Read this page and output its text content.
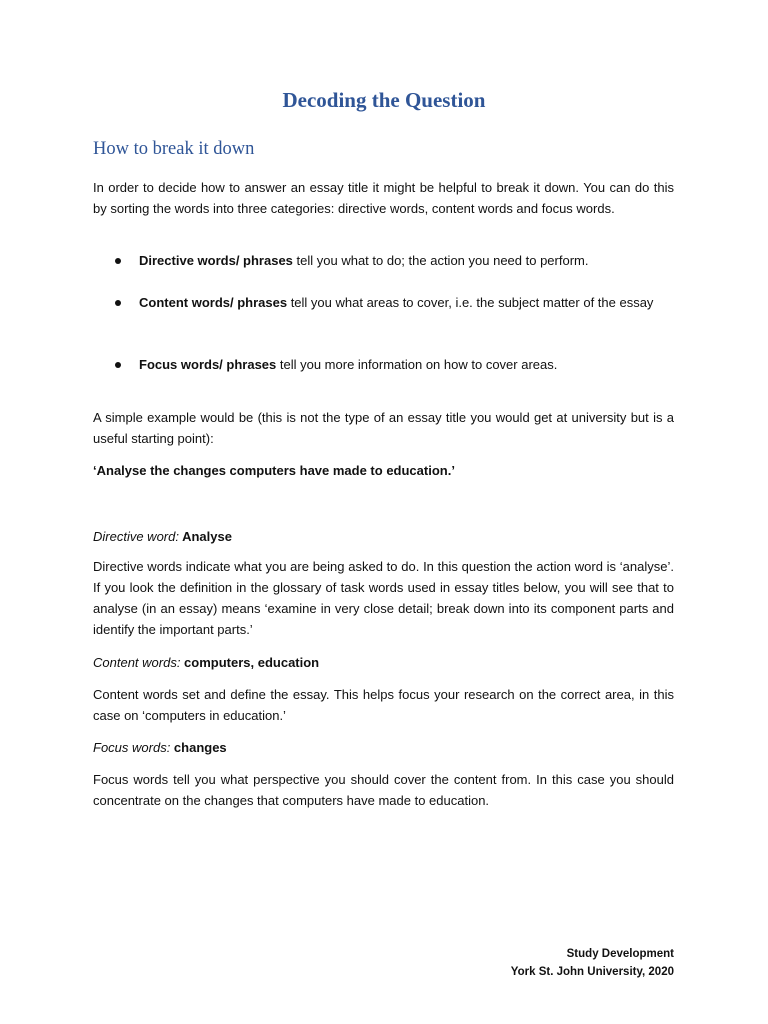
Decoding the Question
How to break it down

In order to decide how to answer an essay title it might be helpful to break it down. You can do this by sorting the words into three categories: directive words, content words and focus words.

Directive words/ phrases tell you what to do; the action you need to perform.
Content words/ phrases tell you what areas to cover, i.e. the subject matter of the essay
Focus words/ phrases tell you more information on how to cover areas.

A simple example would be (this is not the type of an essay title you would get at university but is a useful starting point):

‘Analyse the changes computers have made to education.’

Directive word: Analyse

Directive words indicate what you are being asked to do. In this question the action word is ‘analyse’. If you look the definition in the glossary of task words used in essay titles below, you will see that to analyse (in an essay) means ‘examine in very close detail; break down into its component parts and identify the important parts.’

Content words: computers, education

Content words set and define the essay. This helps focus your research on the correct area, in this case on ‘computers in education.’

Focus words: changes

Focus words tell you what perspective you should cover the content from. In this case you should concentrate on the changes that computers have made to education.

Study Development
York St. John University, 2020
